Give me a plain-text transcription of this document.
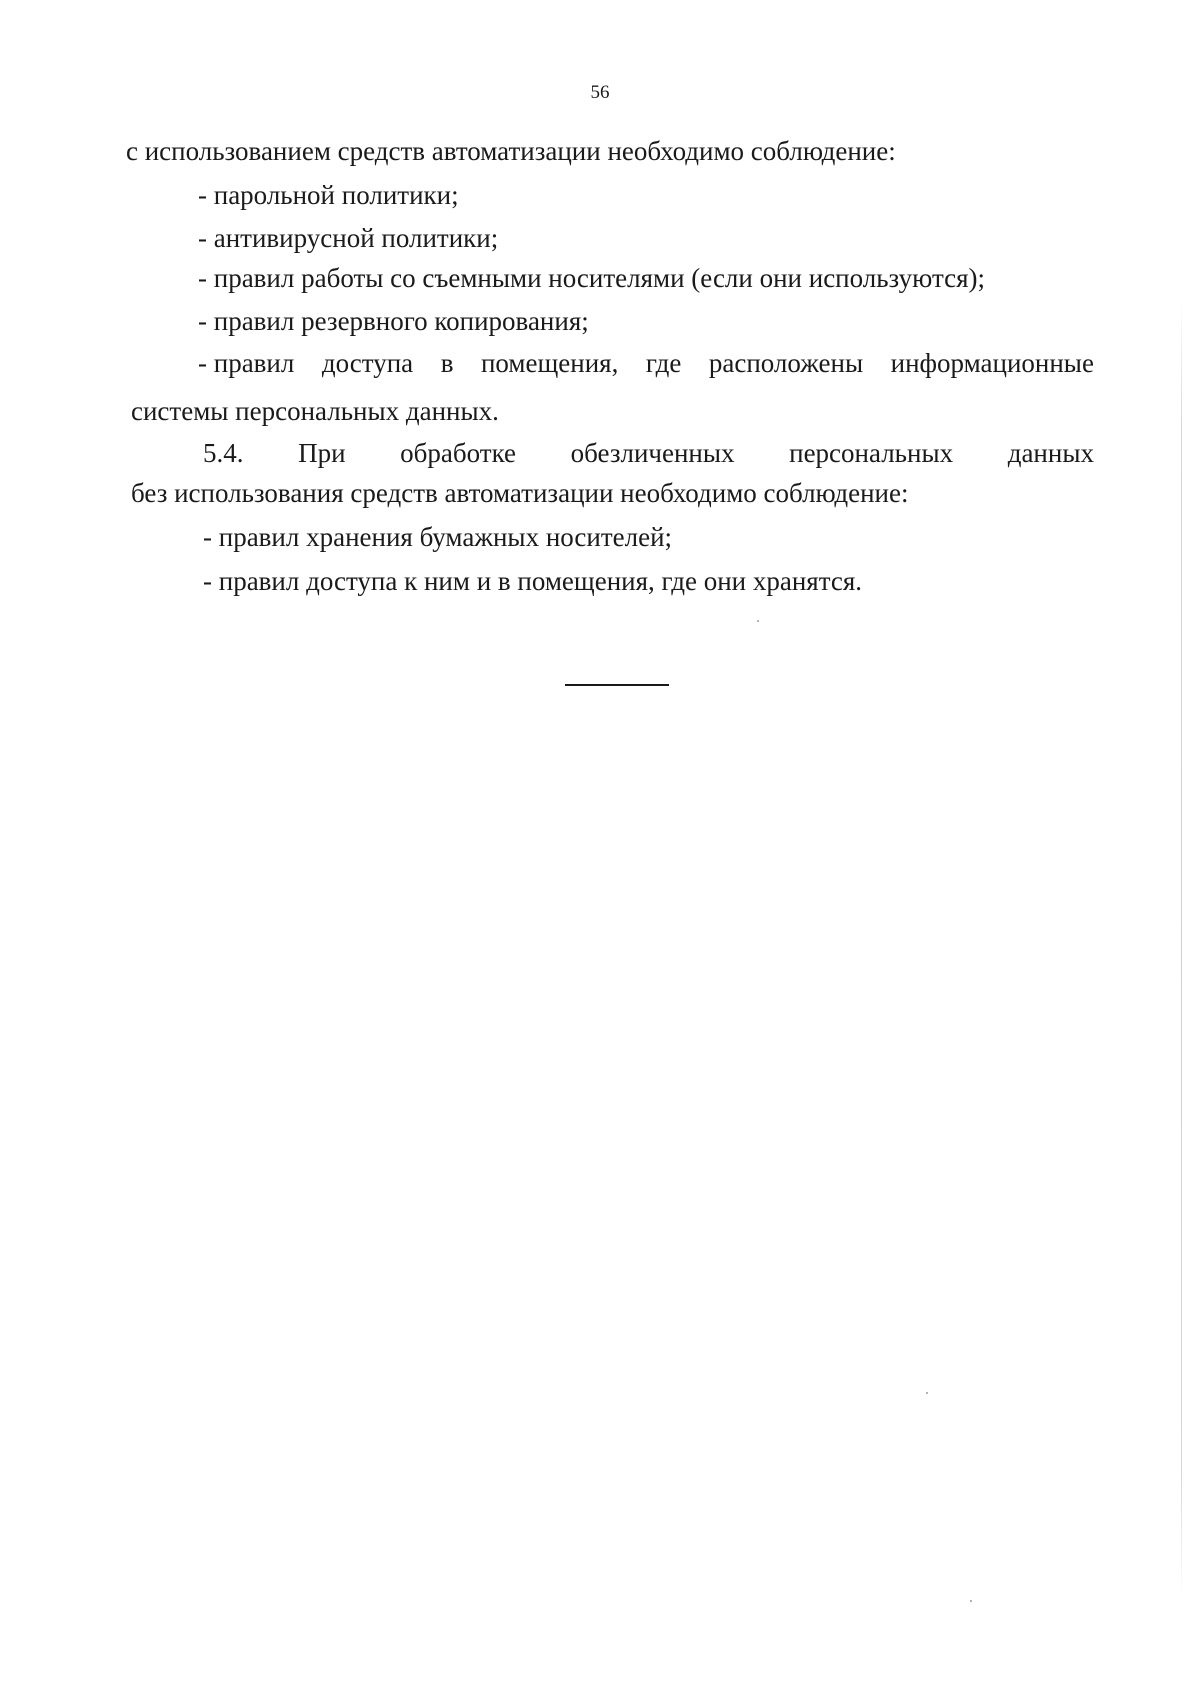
56
с использованием средств автоматизации необходимо соблюдение:
- парольной политики;
- антивирусной политики;
- правил работы со съемными носителями (если они используются);
- правил резервного копирования;
- правил доступа в помещения, где расположены информационные
системы персональных данных.
5.4. При обработке обезличенных персональных данных
без использования средств автоматизации необходимо соблюдение:
- правил хранения бумажных носителей;
- правил доступа к ним и в помещения, где они хранятся.
